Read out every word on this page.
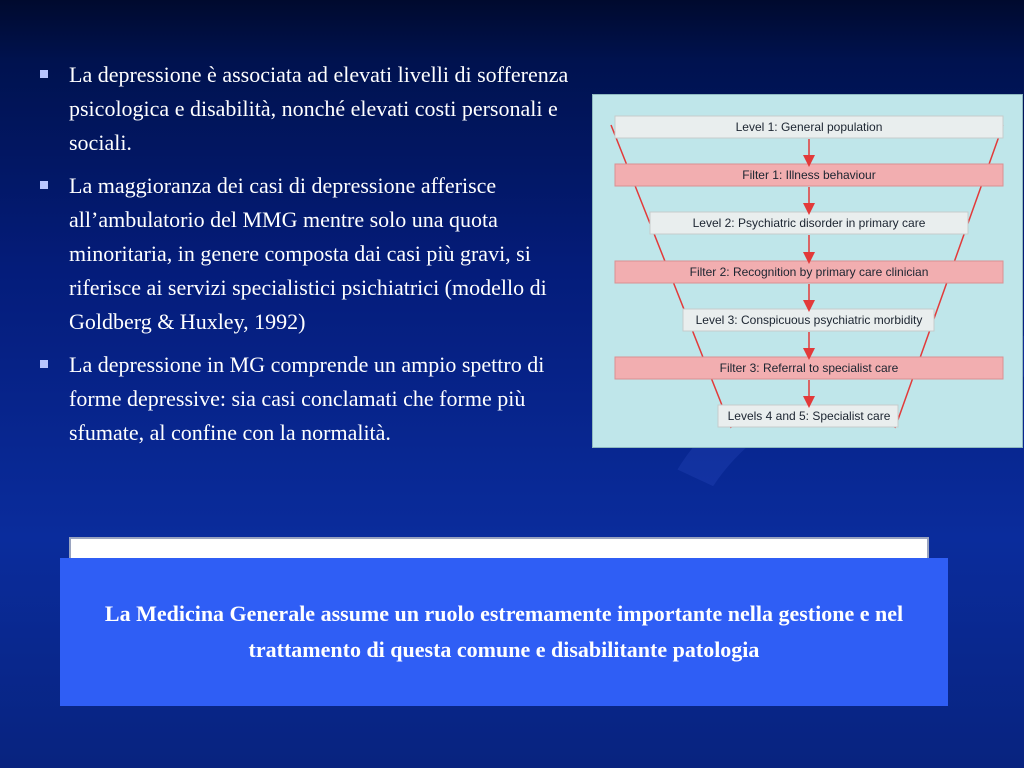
La depressione è associata ad elevati livelli di sofferenza psicologica e disabilità, nonché elevati costi personali e sociali.
La maggioranza dei casi di depressione afferisce all’ambulatorio del MMG mentre solo una quota minoritaria, in genere composta dai casi più gravi, si riferisce ai servizi specialistici psichiatrici (modello di Goldberg & Huxley, 1992)
La depressione in MG comprende un ampio spettro di forme depressive: sia casi conclamati che forme più sfumate, al confine con la normalità.
Level 1: General population
Filter 1: Illness behaviour
Level 2: Psychiatric disorder in primary care
Filter 2: Recognition by primary care clinician
Level 3: Conspicuous psychiatric morbidity
Filter 3: Referral to specialist care
Levels 4 and 5: Specialist care
La Medicina Generale assume un ruolo estremamente importante nella gestione e nel trattamento di questa comune e disabilitante patologia
